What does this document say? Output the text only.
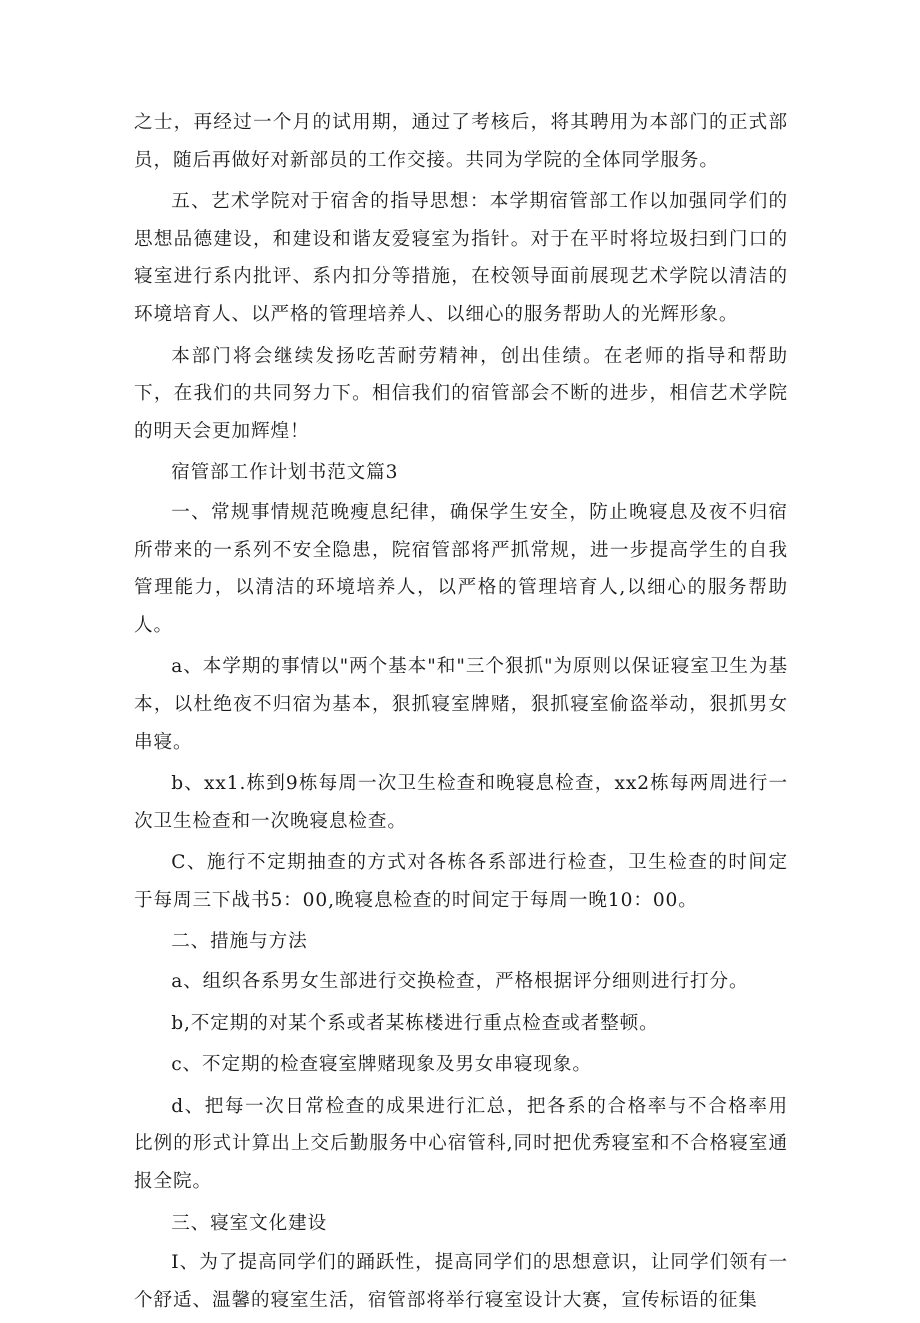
之士，再经过一个月的试用期，通过了考核后，将其聘用为本部门的正式部员，随后再做好对新部员的工作交接。共同为学院的全体同学服务。

五、艺术学院对于宿舍的指导思想：本学期宿管部工作以加强同学们的思想品德建设，和建设和谐友爱寝室为指针。对于在平时将垃圾扫到门口的寝室进行系内批评、系内扣分等措施，在校领导面前展现艺术学院以清洁的环境培育人、以严格的管理培养人、以细心的服务帮助人的光辉形象。

本部门将会继续发扬吃苦耐劳精神，创出佳绩。在老师的指导和帮助下，在我们的共同努力下。相信我们的宿管部会不断的进步，相信艺术学院的明天会更加辉煌！

宿管部工作计划书范文篇3

一、常规事情规范晚瘦息纪律，确保学生安全，防止晚寝息及夜不归宿所带来的一系列不安全隐患，院宿管部将严抓常规，进一步提高学生的自我管理能力，以清洁的环境培养人，以严格的管理培育人,以细心的服务帮助人。

a、本学期的事情以"两个基本"和"三个狠抓"为原则以保证寝室卫生为基本，以杜绝夜不归宿为基本，狠抓寝室牌赌，狠抓寝室偷盗举动，狠抓男女串寝。

b、xx1.栋到9栋每周一次卫生检查和晚寝息检查，xx2栋每两周进行一次卫生检查和一次晚寝息检查。

C、施行不定期抽查的方式对各栋各系部进行检查，卫生检查的时间定于每周三下战书5：00,晚寝息检查的时间定于每周一晚10：00。

二、措施与方法

a、组织各系男女生部进行交换检查，严格根据评分细则进行打分。

b,不定期的对某个系或者某栋楼进行重点检查或者整顿。

c、不定期的检查寝室牌赌现象及男女串寝现象。

d、把每一次日常检查的成果进行汇总，把各系的合格率与不合格率用比例的形式计算出上交后勤服务中心宿管科,同时把优秀寝室和不合格寝室通报全院。

三、寝室文化建设

I、为了提高同学们的踊跃性，提高同学们的思想意识，让同学们领有一个舒适、温馨的寝室生活，宿管部将举行寝室设计大赛，宣传标语的征集
